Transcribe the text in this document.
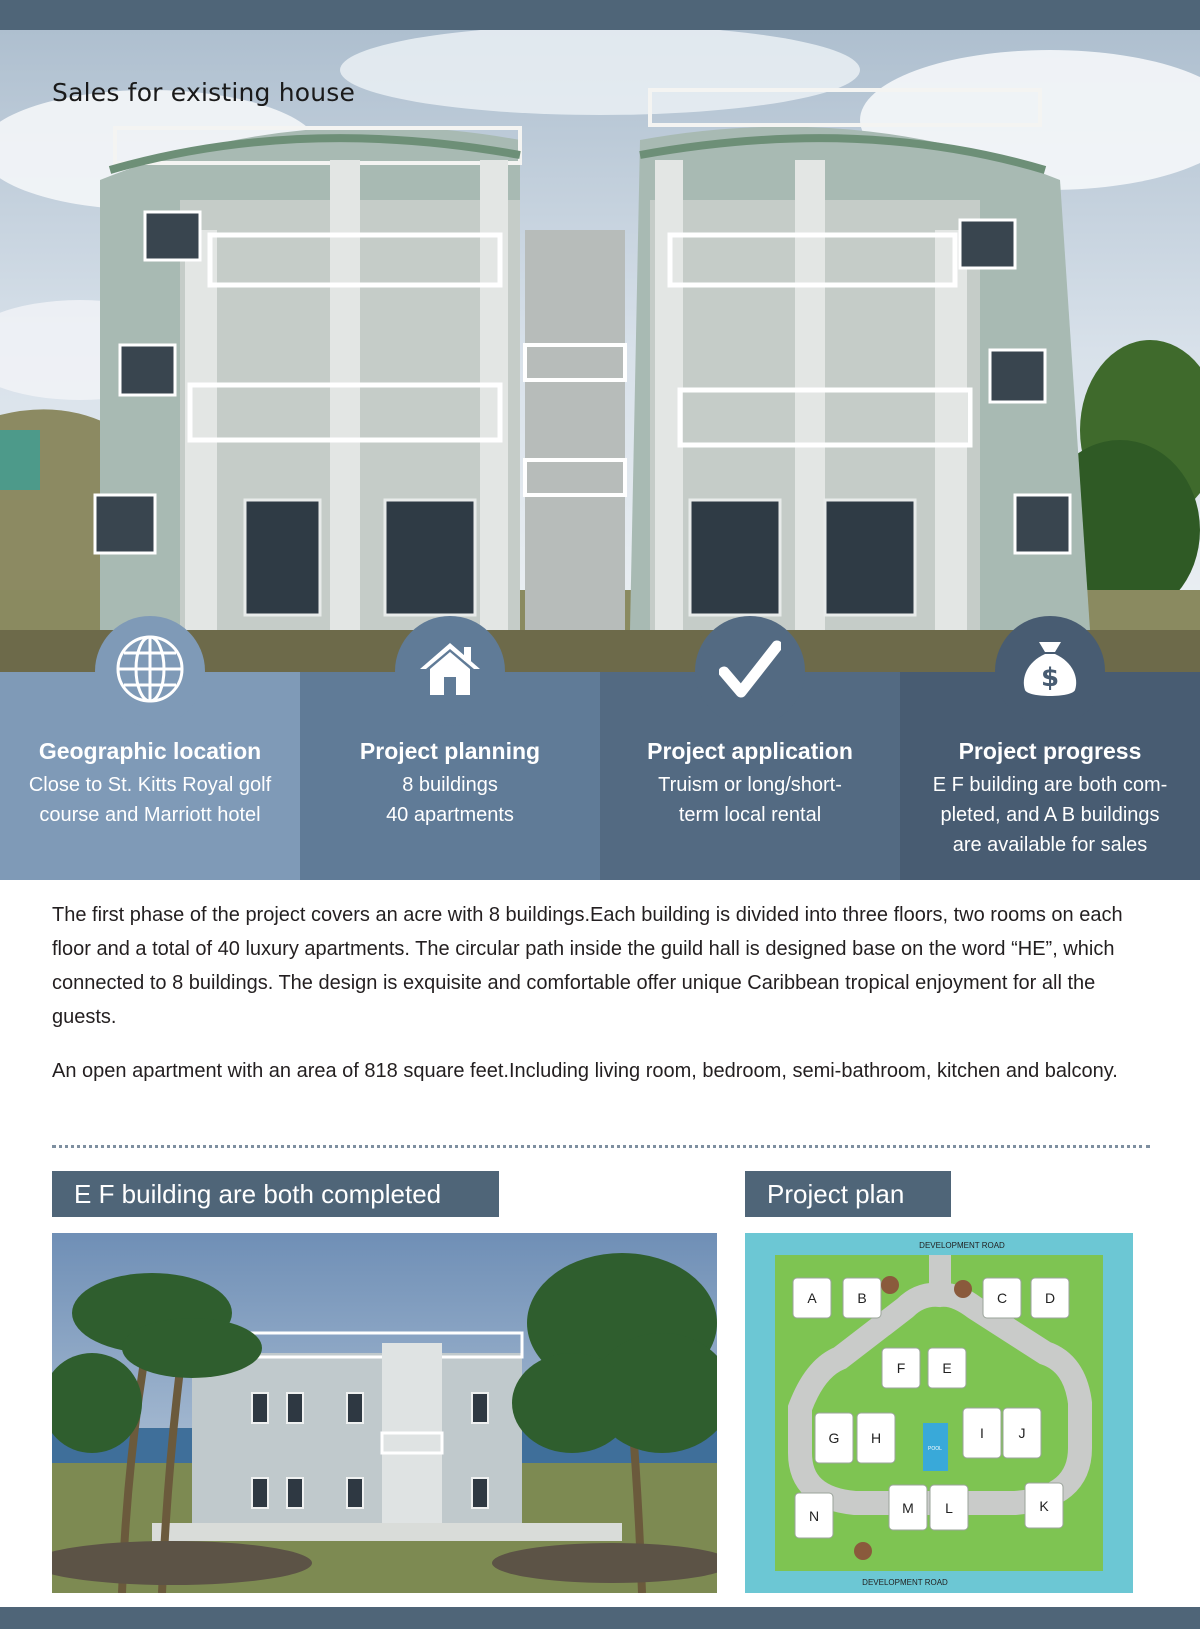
Sales for existing house
Geographic location
Close to St. Kitts Royal golf
course and Marriott hotel
Project planning
8 buildings
40 apartments
Project application
Truism or long/short-
term local rental
$
Project progress
E F building are both com-
pleted, and A B buildings
are available for sales

The first phase of the project covers an acre with 8 buildings.Each building is divided into three floors, two rooms on each floor and a total of 40 luxury apartments. The circular path inside the guild hall is designed base on the word “HE”, which connected to 8 buildings. The design is exquisite and comfortable offer unique Caribbean tropical enjoyment for all the guests.

An open apartment with an area of 818 square feet.Including living room, bedroom, semi-bathroom, kitchen and balcony.

E F building are both completed	Project plan
POOL
A	B	C	D
F	E
G H	I J
N	M L	K
DEVELOPMENT ROAD
DEVELOPMENT ROAD
